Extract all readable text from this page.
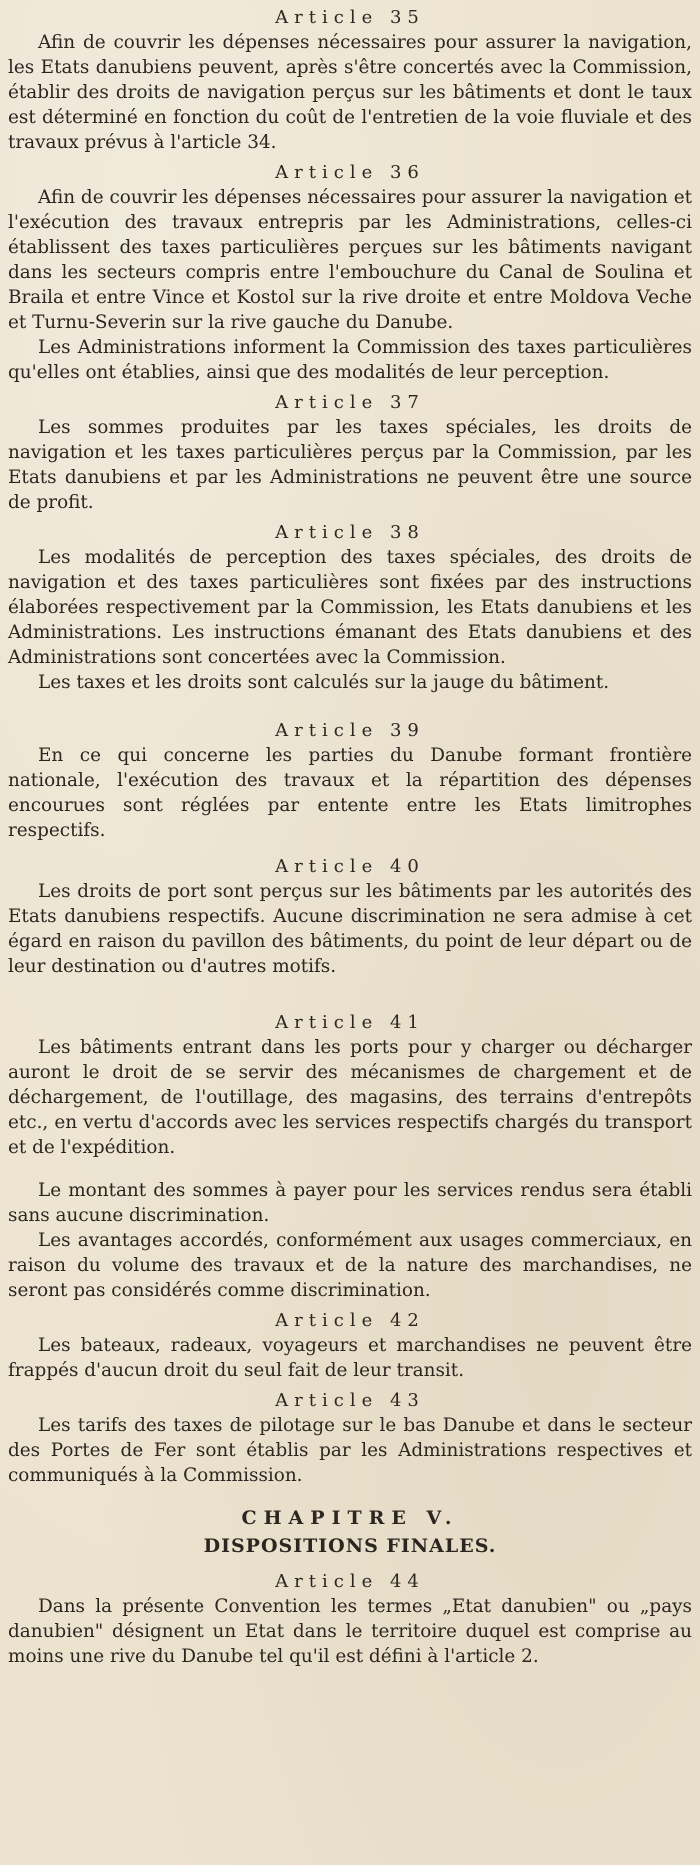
Article 35

Afin de couvrir les dépenses nécessaires pour assurer la navigation, les Etats danubiens peuvent, après s'être concertés avec la Commission, établir des droits de navigation perçus sur les bâtiments et dont le taux est déterminé en fonction du coût de l'entretien de la voie fluviale et des travaux prévus à l'article 34.

Article 36

Afin de couvrir les dépenses nécessaires pour assurer la navigation et l'exécution des travaux entrepris par les Administrations, celles-ci établissent des taxes particulières perçues sur les bâtiments navigant dans les secteurs compris entre l'embouchure du Canal de Soulina et Braila et entre Vince et Kostol sur la rive droite et entre Moldova Veche et Turnu-Severin sur la rive gauche du Danube.

Les Administrations informent la Commission des taxes particulières qu'elles ont établies, ainsi que des modalités de leur perception.

Article 37

Les sommes produites par les taxes spéciales, les droits de navigation et les taxes particulières perçus par la Commission, par les Etats danubiens et par les Administrations ne peuvent être une source de profit.

Article 38

Les modalités de perception des taxes spéciales, des droits de navigation et des taxes particulières sont fixées par des instructions élaborées respectivement par la Commission, les Etats danubiens et les Administrations. Les instructions émanant des Etats danubiens et des Administrations sont concertées avec la Commission.

Les taxes et les droits sont calculés sur la jauge du bâtiment.

Article 39

En ce qui concerne les parties du Danube formant frontière nationale, l'exécution des travaux et la répartition des dépenses encourues sont réglées par entente entre les Etats limitrophes respectifs.

Article 40

Les droits de port sont perçus sur les bâtiments par les autorités des Etats danubiens respectifs. Aucune discrimination ne sera admise à cet égard en raison du pavillon des bâtiments, du point de leur départ ou de leur destination ou d'autres motifs.

Article 41

Les bâtiments entrant dans les ports pour y charger ou décharger auront le droit de se servir des mécanismes de chargement et de déchargement, de l'outillage, des magasins, des terrains d'entrepôts etc., en vertu d'accords avec les services respectifs chargés du transport et de l'expédition.

Le montant des sommes à payer pour les services rendus sera établi sans aucune discrimination.

Les avantages accordés, conformément aux usages commerciaux, en raison du volume des travaux et de la nature des marchandises, ne seront pas considérés comme discrimination.

Article 42

Les bateaux, radeaux, voyageurs et marchandises ne peuvent être frappés d'aucun droit du seul fait de leur transit.

Article 43

Les tarifs des taxes de pilotage sur le bas Danube et dans le secteur des Portes de Fer sont établis par les Administrations respectives et communiqués à la Commission.

CHAPITRE V.
DISPOSITIONS FINALES.
Article 44

Dans la présente Convention les termes „Etat danubien" ou „pays danubien" désignent un Etat dans le territoire duquel est comprise au moins une rive du Danube tel qu'il est défini à l'article 2.
